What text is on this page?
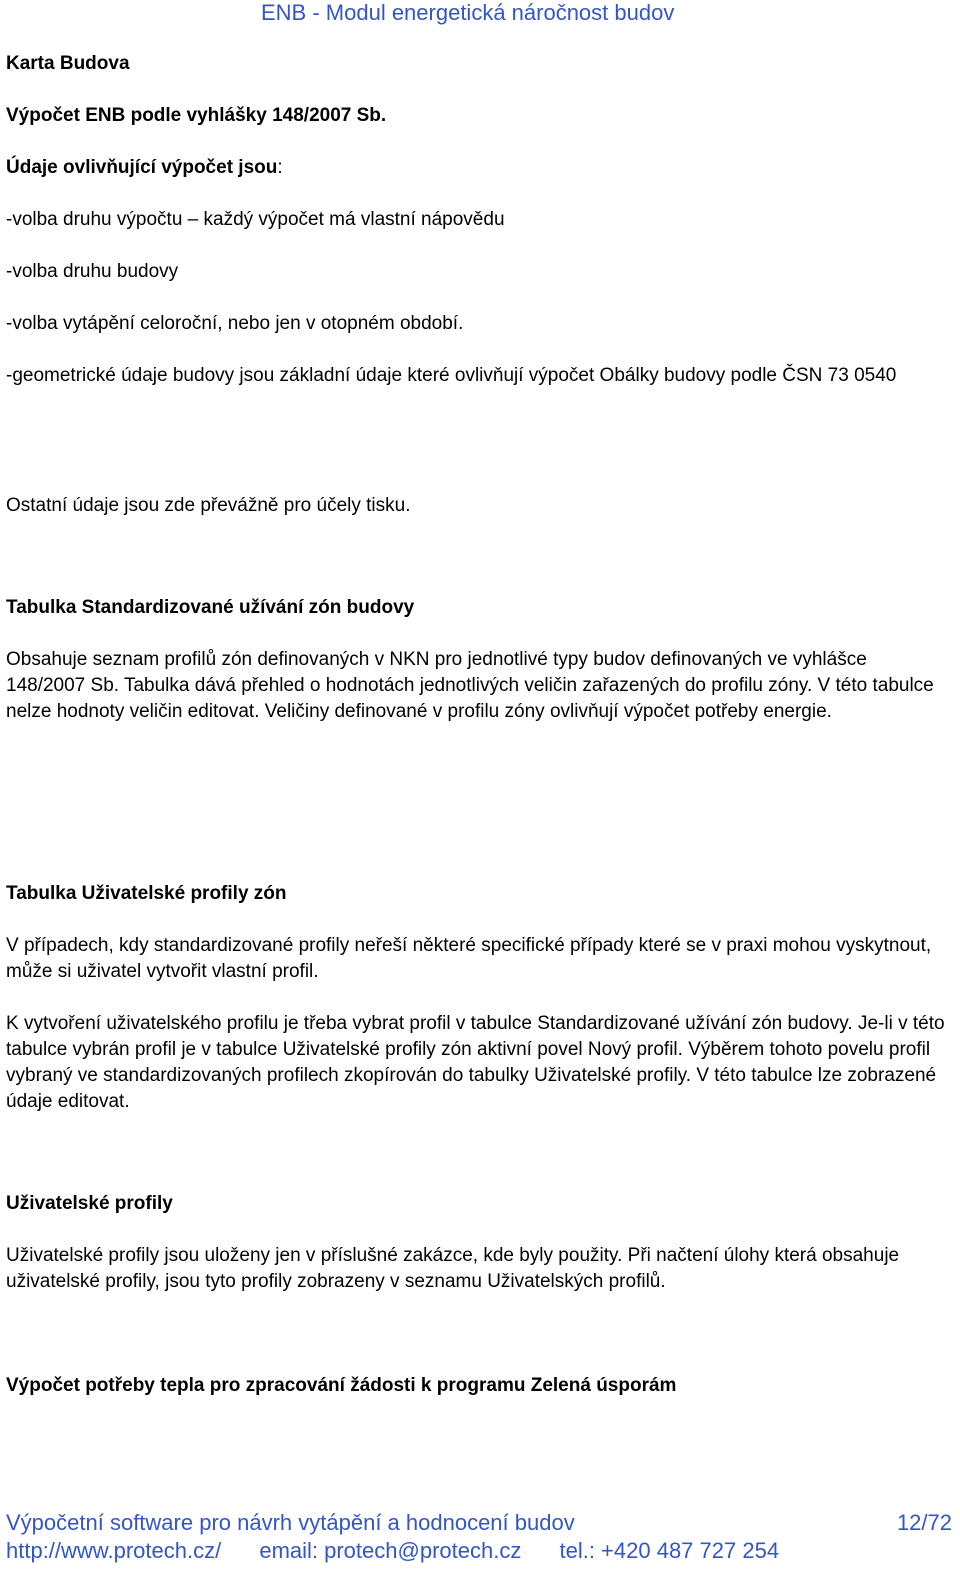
ENB - Modul energetická náročnost budov

Karta Budova

Výpočet ENB podle vyhlášky 148/2007 Sb.

Údaje ovlivňující výpočet jsou:

-volba druhu výpočtu – každý výpočet má vlastní nápovědu

-volba druhu budovy

-volba vytápění celoroční, nebo jen v otopném období.

-geometrické údaje budovy jsou základní údaje které ovlivňují výpočet Obálky budovy podle ČSN 73 0540

Ostatní údaje jsou zde převážně pro účely tisku.

Tabulka Standardizované užívání zón budovy

Obsahuje seznam profilů zón definovaných v NKN pro jednotlivé typy budov definovaných ve vyhlášce 148/2007 Sb. Tabulka dává přehled o hodnotách jednotlivých veličin zařazených do profilu zóny. V této tabulce nelze hodnoty veličin editovat. Veličiny definované v profilu zóny ovlivňují výpočet potřeby energie.

Tabulka Uživatelské profily zón

V případech, kdy standardizované profily neřeší některé specifické případy které se v praxi mohou vyskytnout, může si uživatel vytvořit vlastní profil.

K vytvoření uživatelského profilu je třeba vybrat profil v tabulce Standardizované užívání zón budovy. Je-li v této tabulce vybrán profil je v tabulce Uživatelské profily zón aktivní povel Nový profil. Výběrem tohoto povelu profil vybraný ve standardizovaných profilech zkopírován do tabulky Uživatelské profily. V této tabulce lze zobrazené údaje editovat.

Uživatelské profily

Uživatelské profily jsou uloženy jen v příslušné zakázce, kde byly použity. Při načtení úlohy která obsahuje uživatelské profily, jsou tyto profily zobrazeny v seznamu Uživatelských profilů.

Výpočet potřeby tepla pro zpracování žádosti k programu Zelená úsporám

Výpočetní software pro návrh vytápění a hodnocení budov	12/72
http://www.protech.cz/ email: protech@protech.cz tel.: +420 487 727 254
